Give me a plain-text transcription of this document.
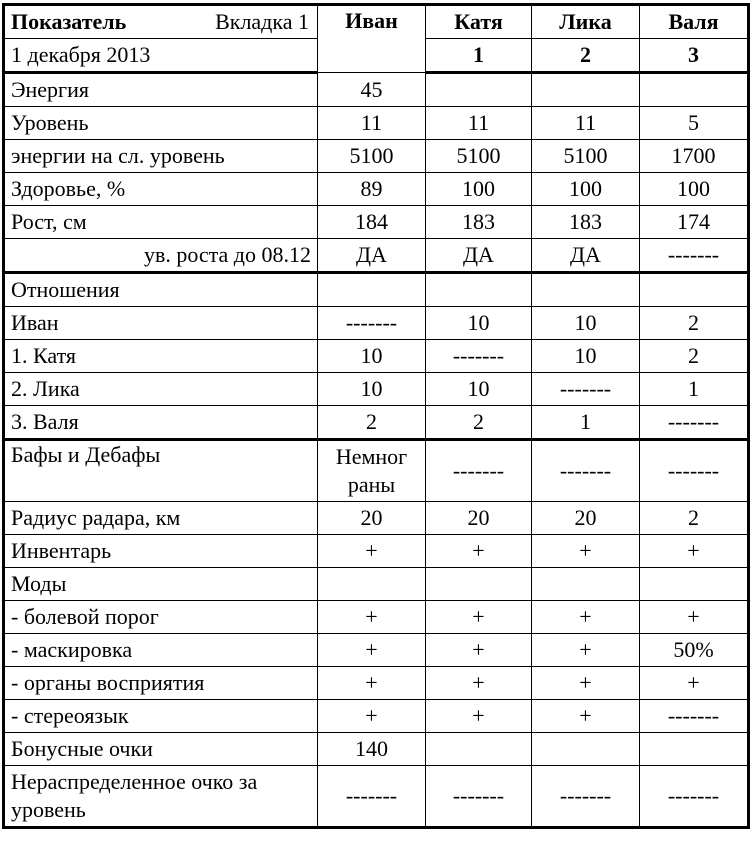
Показатель Вкладка 1	Иван	Катя	Лика	Валя
1 декабря 2013		1	2	3
Энергия	45			
Уровень	11	11	11	5
энергии на сл. уровень	5100	5100	5100	1700
Здоровье, %	89	100	100	100
Рост, см	184	183	183	174
ув. роста до 08.12	ДА	ДА	ДА	-------
Отношения				
Иван	-------	10	10	2
1. Катя	10	-------	10	2
2. Лика	10	10	-------	1
3. Валя	2	2	1	-------
Бафы и Дебафы	Немног раны	-------	-------	-------
Радиус радара, км	20	20	20	2
Инвентарь	+	+	+	+
Моды				
- болевой порог	+	+	+	+
- маскировка	+	+	+	50%
- органы восприятия	+	+	+	+
- стереоязык	+	+	+	-------
Бонусные очки	140			

Нераспределенное очко за уровень	-------	-------	-------	-------
